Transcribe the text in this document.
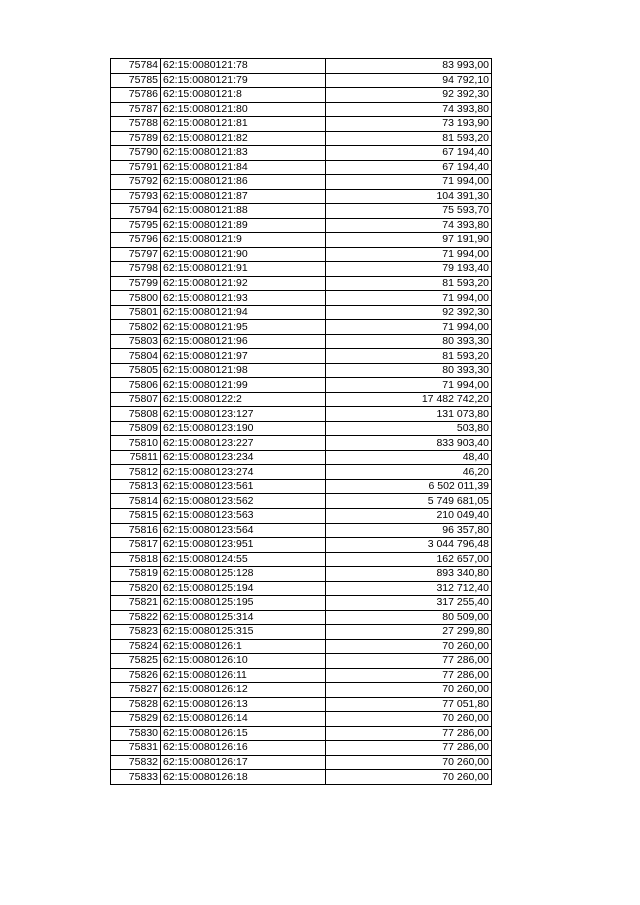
75784	62:15:0080121:78	83 993,00
75785	62:15:0080121:79	94 792,10
75786	62:15:0080121:8	92 392,30
75787	62:15:0080121:80	74 393,80
75788	62:15:0080121:81	73 193,90
75789	62:15:0080121:82	81 593,20
75790	62:15:0080121:83	67 194,40
75791	62:15:0080121:84	67 194,40
75792	62:15:0080121:86	71 994,00
75793	62:15:0080121:87	104 391,30
75794	62:15:0080121:88	75 593,70
75795	62:15:0080121:89	74 393,80
75796	62:15:0080121:9	97 191,90
75797	62:15:0080121:90	71 994,00
75798	62:15:0080121:91	79 193,40
75799	62:15:0080121:92	81 593,20
75800	62:15:0080121:93	71 994,00
75801	62:15:0080121:94	92 392,30
75802	62:15:0080121:95	71 994,00
75803	62:15:0080121:96	80 393,30
75804	62:15:0080121:97	81 593,20
75805	62:15:0080121:98	80 393,30
75806	62:15:0080121:99	71 994,00
75807	62:15:0080122:2	17 482 742,20
75808	62:15:0080123:127	131 073,80
75809	62:15:0080123:190	503,80
75810	62:15:0080123:227	833 903,40
75811	62:15:0080123:234	48,40
75812	62:15:0080123:274	46,20
75813	62:15:0080123:561	6 502 011,39
75814	62:15:0080123:562	5 749 681,05
75815	62:15:0080123:563	210 049,40
75816	62:15:0080123:564	96 357,80
75817	62:15:0080123:951	3 044 796,48
75818	62:15:0080124:55	162 657,00
75819	62:15:0080125:128	893 340,80
75820	62:15:0080125:194	312 712,40
75821	62:15:0080125:195	317 255,40
75822	62:15:0080125:314	80 509,00
75823	62:15:0080125:315	27 299,80
75824	62:15:0080126:1	70 260,00
75825	62:15:0080126:10	77 286,00
75826	62:15:0080126:11	77 286,00
75827	62:15:0080126:12	70 260,00
75828	62:15:0080126:13	77 051,80
75829	62:15:0080126:14	70 260,00
75830	62:15:0080126:15	77 286,00
75831	62:15:0080126:16	77 286,00
75832	62:15:0080126:17	70 260,00
75833	62:15:0080126:18	70 260,00
